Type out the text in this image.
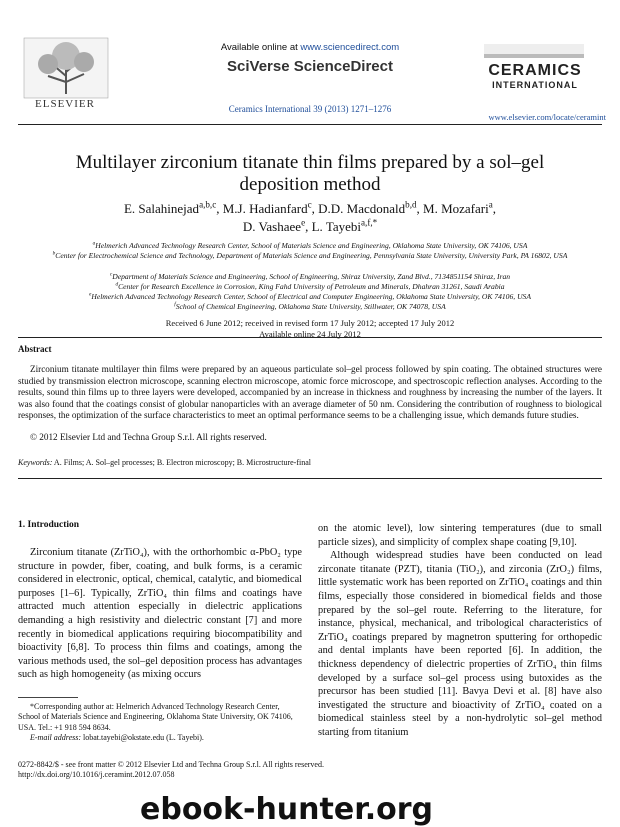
ELSEVIER
Available online at www.sciencedirect.com
SciVerse ScienceDirect
Ceramics International 39 (2013) 1271–1276
CERAMICS
INTERNATIONAL
www.elsevier.com/locate/ceramint
Multilayer zirconium titanate thin films prepared by a sol–gel
deposition method
E. Salahinejad$^{a,b,c}$, M.J. Hadianfard$^c$, D.D. Macdonald$^{b,d}$, M. Mozafari$^a$,
D. Vashaee$^e$, L. Tayebi$^{a,f,*}$
$^a$Helmerich Advanced Technology Research Center, School of Materials Science and Engineering, Oklahoma State University, OK 74106, USA
$^b$Center for Electrochemical Science and Technology, Department of Materials Science and Engineering, Pennsylvania State University, University Park, PA 16802, USA
$^c$Department of Materials Science and Engineering, School of Engineering, Shiraz University, Zand Blvd., 7134851154 Shiraz, Iran
$^d$Center for Research Excellence in Corrosion, King Fahd University of Petroleum and Minerals, Dhahran 31261, Saudi Arabia
$^e$Helmerich Advanced Technology Research Center, School of Electrical and Computer Engineering, Oklahoma State University, OK 74106, USA
$^f$School of Chemical Engineering, Oklahoma State University, Stillwater, OK 74078, USA
Received 6 June 2012; received in revised form 17 July 2012; accepted 17 July 2012
Available online 24 July 2012
Abstract
Zirconium titanate multilayer thin films were prepared by an aqueous particulate sol–gel process followed by spin coating. The obtained structures were studied by transmission electron microscope, scanning electron microscope, atomic force microscope, and spectroscopic reflection analyses. According to the results, sound thin films up to three layers were developed, accompanied by an increase in thickness and roughness by increasing the number of the layers. It was also found that the coatings consist of globular nanoparticles with an average diameter of 50 nm. Considering the contribution of roughness to biological responses, the optimization of the surface characteristics to meet an optimal performance seems to be a challenging issue, which demands future studies.
© 2012 Elsevier Ltd and Techna Group S.r.l. All rights reserved.
Keywords: A. Films; A. Sol–gel processes; B. Electron microscopy; B. Microstructure-final
1. Introduction
Zirconium titanate (ZrTiO₄), with the orthorhombic α-PbO₂ type structure in powder, fiber, coating, and bulk forms, is a ceramic considered in electronic, optical, chemical, catalytic, and biomedical purposes [1–6]. Typically, ZrTiO₄ thin films and coatings have attracted much attention especially in dielectric applications demanding a high resistivity and dielectric constant [7] and more recently in biomedical applications requiring biocompatibility and bioactivity [6,8]. To process thin films and coatings, among the various methods used, the sol–gel deposition process has advantages such as high homogeneity (as mixing occurs
on the atomic level), low sintering temperatures (due to small particle sizes), and simplicity of complex shape coating [9,10].
Although widespread studies have been conducted on lead zirconate titanate (PZT), titania (TiO₂), and zirconia (ZrO₂) films, little systematic work has been reported on ZrTiO₄ coatings and thin films, especially those considered in biomedical fields and those prepared by the sol–gel route. Referring to the literature, for instance, physical, mechanical, and tribological characteristics of ZrTiO₄ coatings prepared by magnetron sputtering for orthopedic and dental implants have been reported [6]. In addition, the thickness dependency of dielectric properties of ZrTiO₄ thin films developed by a surface sol–gel process using butoxides as the precursor has been studied [11]. Bavya Devi et al. [8] have also investigated the structure and bioactivity of ZrTiO₄ coated on a biomedical stainless steel by a non-hydrolytic sol–gel method starting from titanium
*Corresponding author at: Helmerich Advanced Technology Research Center, School of Materials Science and Engineering, Oklahoma State University, OK 74106, USA. Tel.: +1 918 594 8634.
E-mail address: lobat.tayebi@okstate.edu (L. Tayebi).
0272-8842/$ - see front matter © 2012 Elsevier Ltd and Techna Group S.r.l. All rights reserved.
http://dx.doi.org/10.1016/j.ceramint.2012.07.058
ebook-hunter.org
